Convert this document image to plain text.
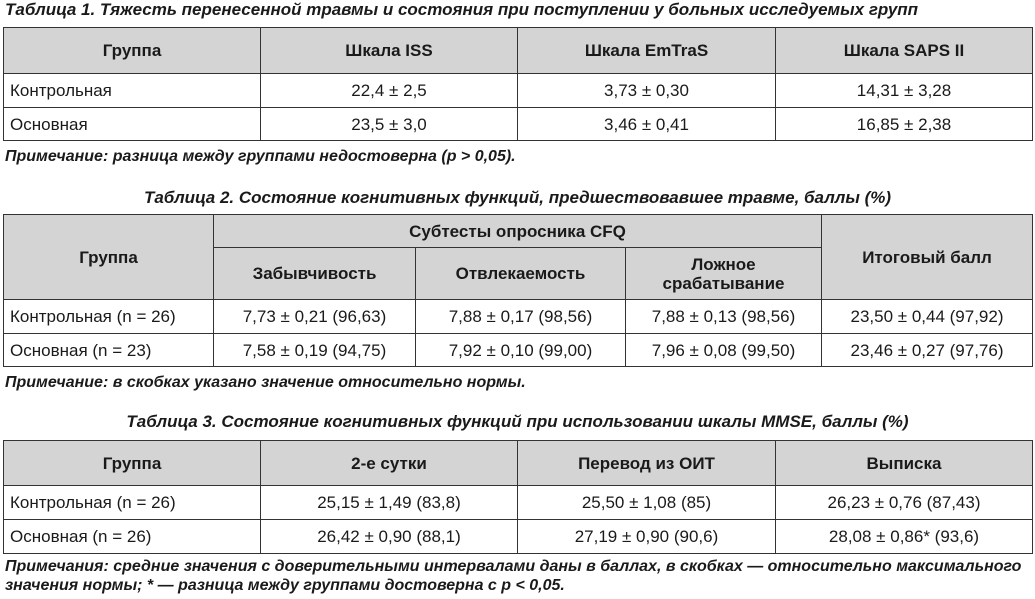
Таблица 1. Тяжесть перенесенной травмы и состояния при поступлении у больных исследуемых групп
Группа	Шкала ISS	Шкала EmTraS	Шкала SAPS II
Контрольная	22,4 ± 2,5	3,73 ± 0,30	14,31 ± 3,28
Основная	23,5 ± 3,0	3,46 ± 0,41	16,85 ± 2,38
Примечание: разница между группами недостоверна (р > 0,05).
Таблица 2. Состояние когнитивных функций, предшествовавшее травме, баллы (%)
Группа	Субтесты опросника CFQ			Итоговый балл
	Забывчивость	Отвлекаемость	Ложное срабатывание	
Контрольная (n = 26)	7,73 ± 0,21 (96,63)	7,88 ± 0,17 (98,56)	7,88 ± 0,13 (98,56)	23,50 ± 0,44 (97,92)
Основная (n = 23)	7,58 ± 0,19 (94,75)	7,92 ± 0,10 (99,00)	7,96 ± 0,08 (99,50)	23,46 ± 0,27 (97,76)
Примечание: в скобках указано значение относительно нормы.
Таблица 3. Состояние когнитивных функций при использовании шкалы MMSE, баллы (%)
Группа	2-е сутки	Перевод из ОИТ	Выписка
Контрольная (n = 26)	25,15 ± 1,49 (83,8)	25,50 ± 1,08 (85)	26,23 ± 0,76 (87,43)
Основная (n = 26)	26,42 ± 0,90 (88,1)	27,19 ± 0,90 (90,6)	28,08 ± 0,86* (93,6)
Примечания: средние значения с доверительными интервалами даны в баллах, в скобках — относительно максимального значения нормы; * — разница между группами достоверна с р < 0,05.
